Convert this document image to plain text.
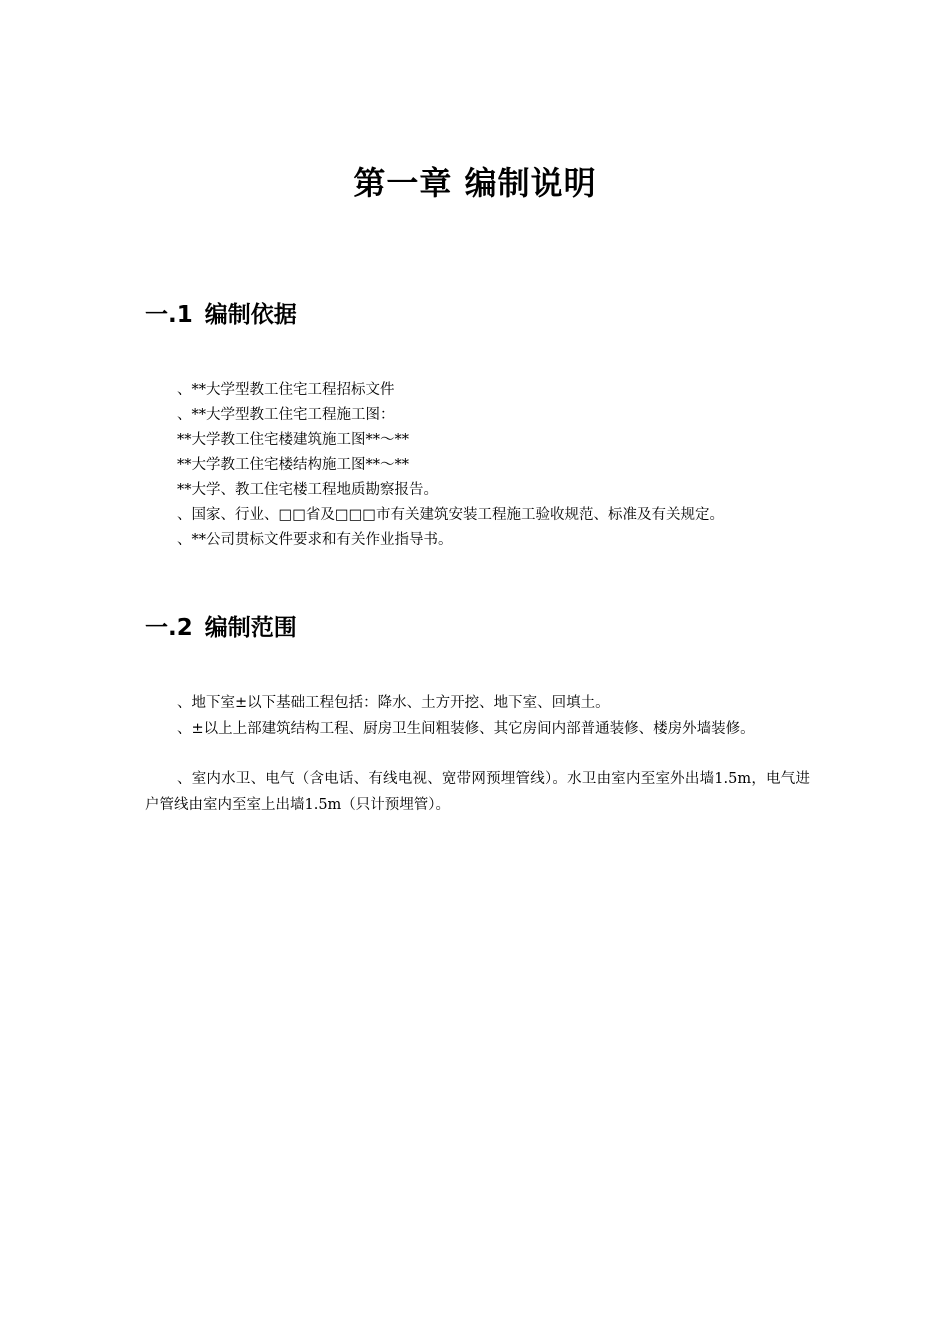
第一章 编制说明
一.1 编制依据
、**大学型教工住宅工程招标文件
、**大学型教工住宅工程施工图：
**大学教工住宅楼建筑施工图**～**
**大学教工住宅楼结构施工图**～**
**大学、教工住宅楼工程地质勘察报告。
、国家、行业、□□省及□□□市有关建筑安装工程施工验收规范、标准及有关规定。
、**公司贯标文件要求和有关作业指导书。
一.2 编制范围

、地下室±以下基础工程包括：降水、土方开挖、地下室、回填土。

、±以上上部建筑结构工程、厨房卫生间粗装修、其它房间内部普通装修、楼房外墙装修。

、室内水卫、电气（含电话、有线电视、宽带网预埋管线）。水卫由室内至室外出墙1.5m，电气进户管线由室内至室上出墙1.5m（只计预埋管）。
